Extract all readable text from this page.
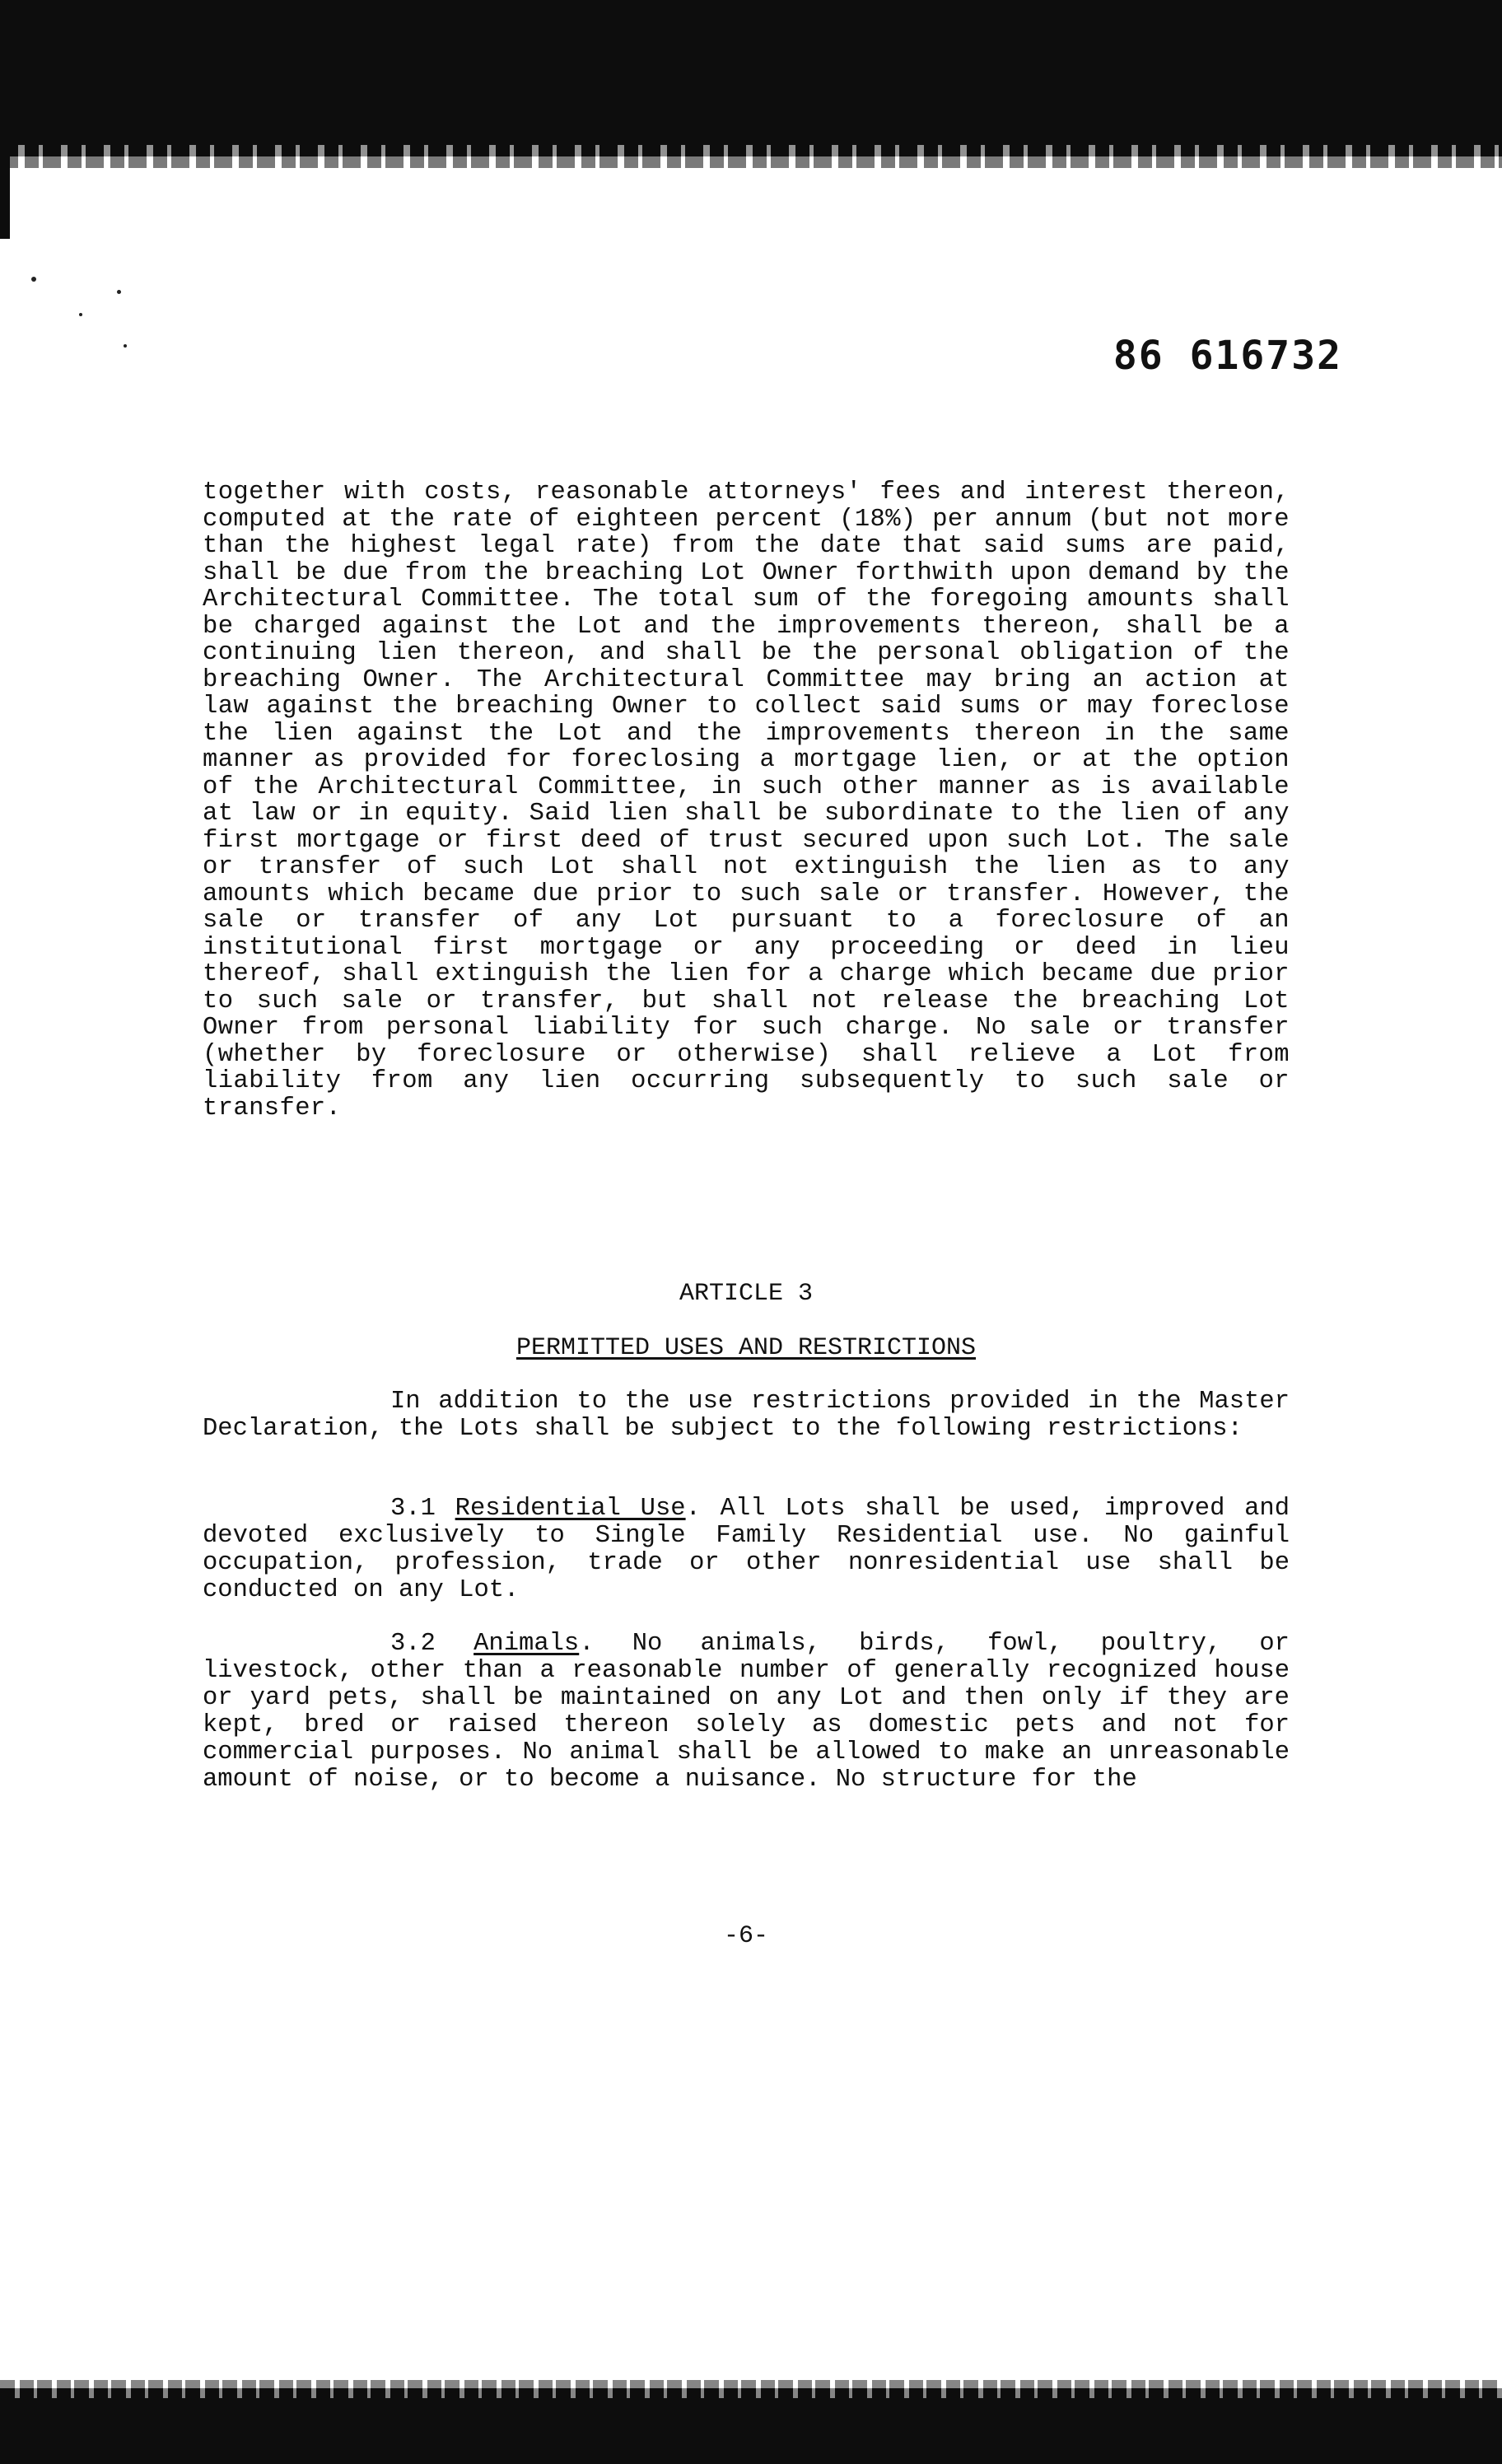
86 616732

together with costs, reasonable attorneys' fees and interest thereon, computed at the rate of eighteen percent (18%) per annum (but not more than the highest legal rate) from the date that said sums are paid, shall be due from the breaching Lot Owner forthwith upon demand by the Architectural Committee. The total sum of the foregoing amounts shall be charged against the Lot and the improvements thereon, shall be a continuing lien thereon, and shall be the personal obligation of the breaching Owner. The Architectural Committee may bring an action at law against the breaching Owner to collect said sums or may foreclose the lien against the Lot and the improvements thereon in the same manner as provided for foreclosing a mortgage lien, or at the option of the Architectural Committee, in such other manner as is available at law or in equity. Said lien shall be subordinate to the lien of any first mortgage or first deed of trust secured upon such Lot. The sale or transfer of such Lot shall not extinguish the lien as to any amounts which became due prior to such sale or transfer. However, the sale or transfer of any Lot pursuant to a foreclosure of an institutional first mortgage or any proceeding or deed in lieu thereof, shall extinguish the lien for a charge which became due prior to such sale or transfer, but shall not release the breaching Lot Owner from personal liability for such charge. No sale or transfer (whether by foreclosure or otherwise) shall relieve a Lot from liability from any lien occurring subsequently to such sale or transfer.

ARTICLE 3
PERMITTED USES AND RESTRICTIONS

In addition to the use restrictions provided in the Master Declaration, the Lots shall be subject to the following restrictions:

3.1 Residential Use. All Lots shall be used, improved and devoted exclusively to Single Family Residential use. No gainful occupation, profession, trade or other nonresidential use shall be conducted on any Lot.

3.2 Animals. No animals, birds, fowl, poultry, or livestock, other than a reasonable number of generally recognized house or yard pets, shall be maintained on any Lot and then only if they are kept, bred or raised thereon solely as domestic pets and not for commercial purposes. No animal shall be allowed to make an unreasonable amount of noise, or to become a nuisance. No structure for the

-6-
